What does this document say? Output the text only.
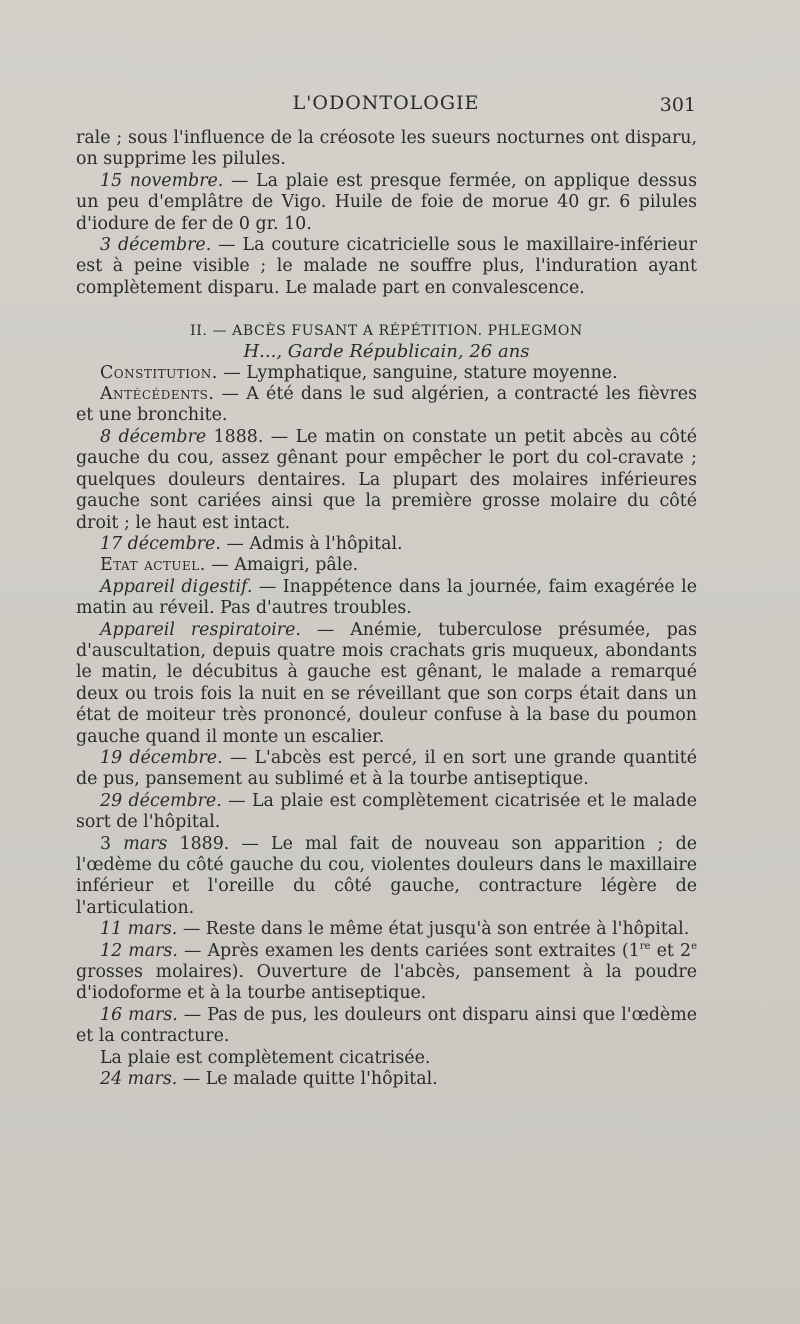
L'ODONTOLOGIE	301

rale ; sous l'influence de la créosote les sueurs nocturnes ont disparu, on supprime les pilules.

15 novembre. — La plaie est presque fermée, on applique dessus un peu d'emplâtre de Vigo. Huile de foie de morue 40 gr. 6 pilules d'iodure de fer de 0 gr. 10.

3 décembre. — La couture cicatricielle sous le maxillaire-inférieur est à peine visible ; le malade ne souffre plus, l'induration ayant complètement disparu. Le malade part en convalescence.

II. — ABCÈS FUSANT A RÉPÉTITION. PHLEGMON

H..., Garde Républicain, 26 ans

Constitution. — Lymphatique, sanguine, stature moyenne.

Antécédents. — A été dans le sud algérien, a contracté les fièvres et une bronchite.

8 décembre 1888. — Le matin on constate un petit abcès au côté gauche du cou, assez gênant pour empêcher le port du col-cravate ; quelques douleurs dentaires. La plupart des molaires inférieures gauche sont cariées ainsi que la première grosse molaire du côté droit ; le haut est intact.

17 décembre. — Admis à l'hôpital.

Etat actuel. — Amaigri, pâle.

Appareil digestif. — Inappétence dans la journée, faim exagérée le matin au réveil. Pas d'autres troubles.

Appareil respiratoire. — Anémie, tuberculose présumée, pas d'auscultation, depuis quatre mois crachats gris muqueux, abondants le matin, le décubitus à gauche est gênant, le malade a remarqué deux ou trois fois la nuit en se réveillant que son corps était dans un état de moiteur très prononcé, douleur confuse à la base du poumon gauche quand il monte un escalier.

19 décembre. — L'abcès est percé, il en sort une grande quantité de pus, pansement au sublimé et à la tourbe antiseptique.

29 décembre. — La plaie est complètement cicatrisée et le malade sort de l'hôpital.

3 mars 1889. — Le mal fait de nouveau son apparition ; de l'œdème du côté gauche du cou, violentes douleurs dans le maxillaire inférieur et l'oreille du côté gauche, contracture légère de l'articulation.

11 mars. — Reste dans le même état jusqu'à son entrée à l'hôpital.

12 mars. — Après examen les dents cariées sont extraites (1re et 2e grosses molaires). Ouverture de l'abcès, pansement à la poudre d'iodoforme et à la tourbe antiseptique.

16 mars. — Pas de pus, les douleurs ont disparu ainsi que l'œdème et la contracture.

La plaie est complètement cicatrisée.

24 mars. — Le malade quitte l'hôpital.
